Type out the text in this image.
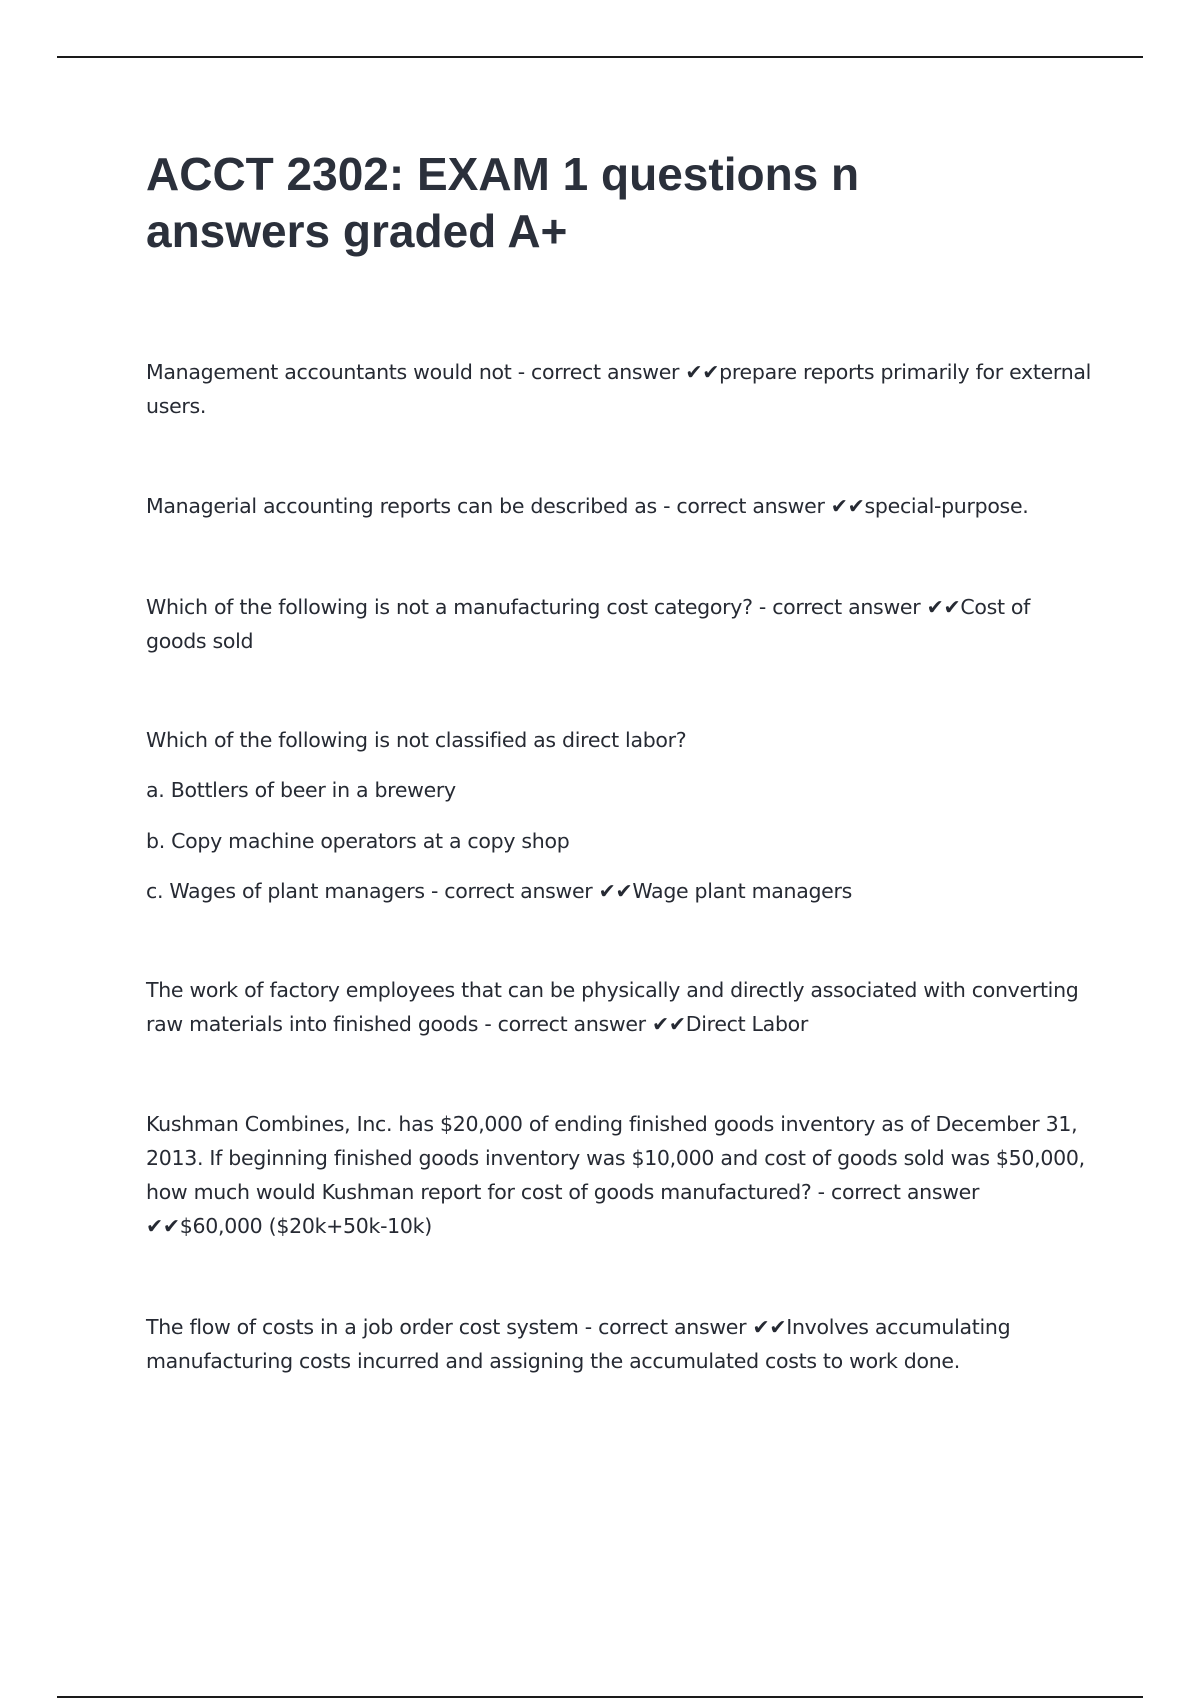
ACCT 2302: EXAM 1 questions n answers graded A+

Management accountants would not - correct answer ✔✔prepare reports primarily for external users.

Managerial accounting reports can be described as - correct answer ✔✔special-purpose.

Which of the following is not a manufacturing cost category? - correct answer ✔✔Cost of goods sold

Which of the following is not classified as direct labor?

a. Bottlers of beer in a brewery

b. Copy machine operators at a copy shop

c. Wages of plant managers - correct answer ✔✔Wage plant managers

The work of factory employees that can be physically and directly associated with converting raw materials into finished goods - correct answer ✔✔Direct Labor

Kushman Combines, Inc. has $20,000 of ending finished goods inventory as of December 31, 2013. If beginning finished goods inventory was $10,000 and cost of goods sold was $50,000, how much would Kushman report for cost of goods manufactured? - correct answer ✔✔$60,000 ($20k+50k-10k)

The flow of costs in a job order cost system - correct answer ✔✔Involves accumulating manufacturing costs incurred and assigning the accumulated costs to work done.
